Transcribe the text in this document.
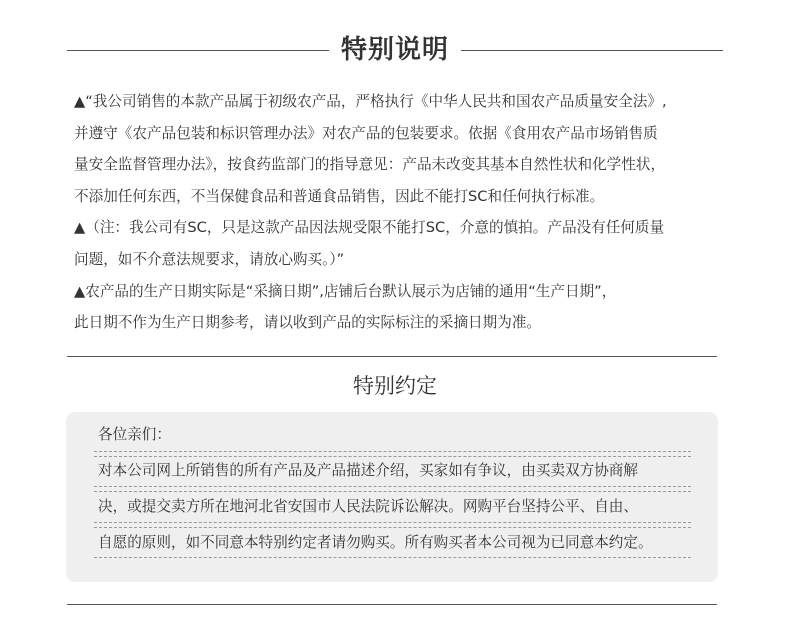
特别说明
▲“我公司销售的本款产品属于初级农产品，严格执行《中华人民共和国农产品质量安全法》,
并遵守《农产品包装和标识管理办法》对农产品的包装要求。依据《食用农产品市场销售质
量安全监督管理办法》，按食药监部门的指导意见：产品未改变其基本自然性状和化学性状，
不添加任何东西，不当保健食品和普通食品销售，因此不能打SC和任何执行标准。
▲（注：我公司有SC，只是这款产品因法规受限不能打SC，介意的慎拍。产品没有任何质量
问题，如不介意法规要求，请放心购买。）”
▲农产品的生产日期实际是“采摘日期”,店铺后台默认展示为店铺的通用“生产日期”，
此日期不作为生产日期参考，请以收到产品的实际标注的采摘日期为准。
特别约定
各位亲们：
对本公司网上所销售的所有产品及产品描述介绍，买家如有争议，由买卖双方协商解
决，或提交卖方所在地河北省安国市人民法院诉讼解决。网购平台坚持公平、自由、
自愿的原则，如不同意本特别约定者请勿购买。所有购买者本公司视为已同意本约定。
